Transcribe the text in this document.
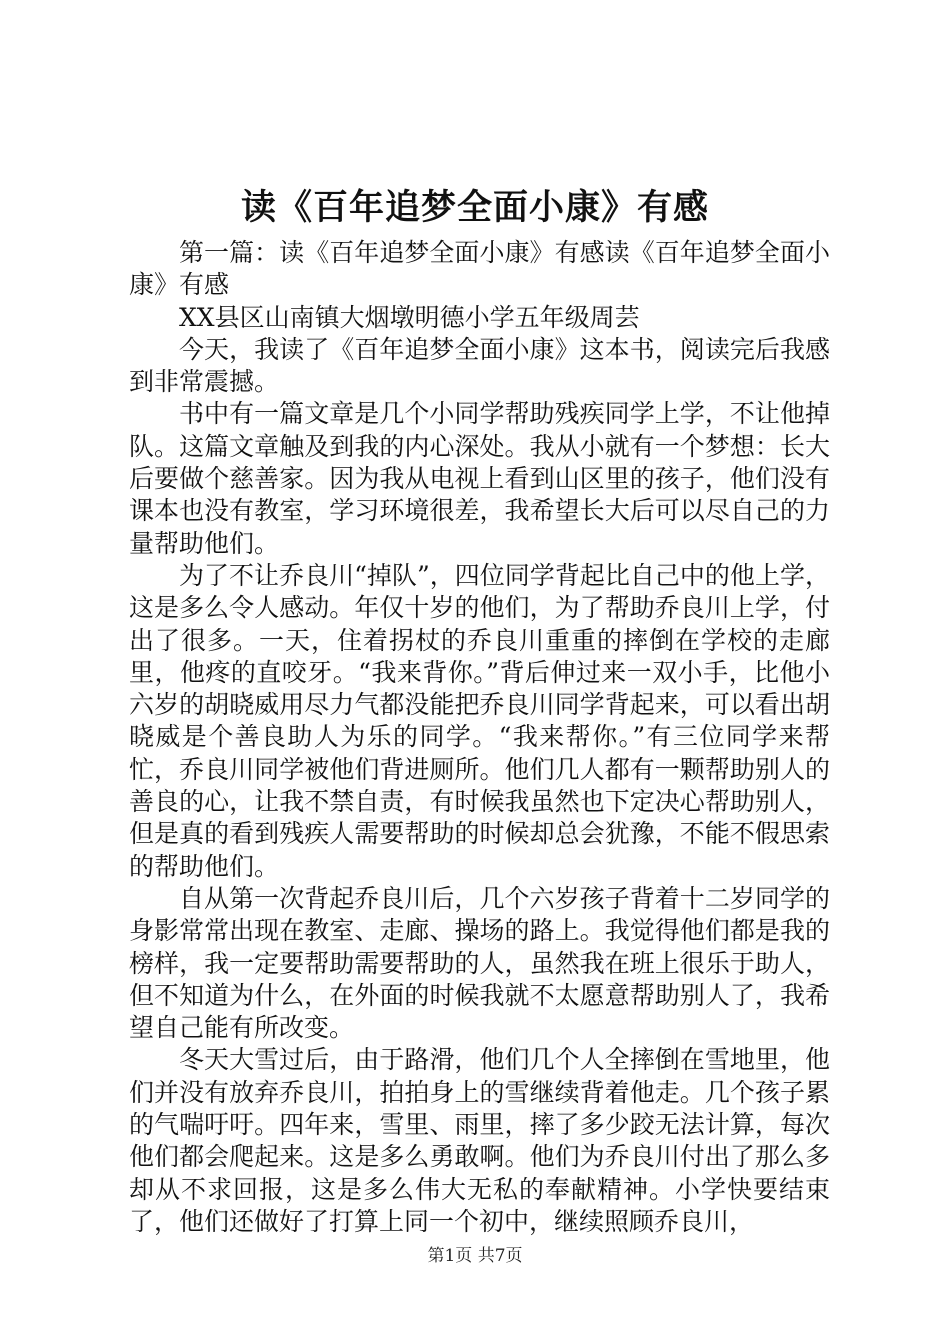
读《百年追梦全面小康》有感

第一篇：读《百年追梦全面小康》有感读《百年追梦全面小康》有感

XX县区山南镇大烟墩明德小学五年级周芸

今天，我读了《百年追梦全面小康》这本书，阅读完后我感到非常震撼。

书中有一篇文章是几个小同学帮助残疾同学上学，不让他掉队。这篇文章触及到我的内心深处。我从小就有一个梦想：长大后要做个慈善家。因为我从电视上看到山区里的孩子，他们没有课本也没有教室，学习环境很差，我希望长大后可以尽自己的力量帮助他们。

为了不让乔良川“掉队”，四位同学背起比自己中的他上学，这是多么令人感动。年仅十岁的他们，为了帮助乔良川上学，付出了很多。一天，住着拐杖的乔良川重重的摔倒在学校的走廊里，他疼的直咬牙。“我来背你。”背后伸过来一双小手，比他小六岁的胡晓威用尽力气都没能把乔良川同学背起来，可以看出胡晓威是个善良助人为乐的同学。“我来帮你。”有三位同学来帮忙，乔良川同学被他们背进厕所。他们几人都有一颗帮助别人的善良的心，让我不禁自责，有时候我虽然也下定决心帮助别人，但是真的看到残疾人需要帮助的时候却总会犹豫，不能不假思索的帮助他们。

自从第一次背起乔良川后，几个六岁孩子背着十二岁同学的身影常常出现在教室、走廊、操场的路上。我觉得他们都是我的榜样，我一定要帮助需要帮助的人，虽然我在班上很乐于助人，但不知道为什么，在外面的时候我就不太愿意帮助别人了，我希望自己能有所改变。

冬天大雪过后，由于路滑，他们几个人全摔倒在雪地里，他们并没有放弃乔良川，拍拍身上的雪继续背着他走。几个孩子累的气喘吁吁。四年来，雪里、雨里，摔了多少跤无法计算，每次他们都会爬起来。这是多么勇敢啊。他们为乔良川付出了那么多却从不求回报，这是多么伟大无私的奉献精神。小学快要结束了，他们还做好了打算上同一个初中，继续照顾乔良川，

第1页 共7页
